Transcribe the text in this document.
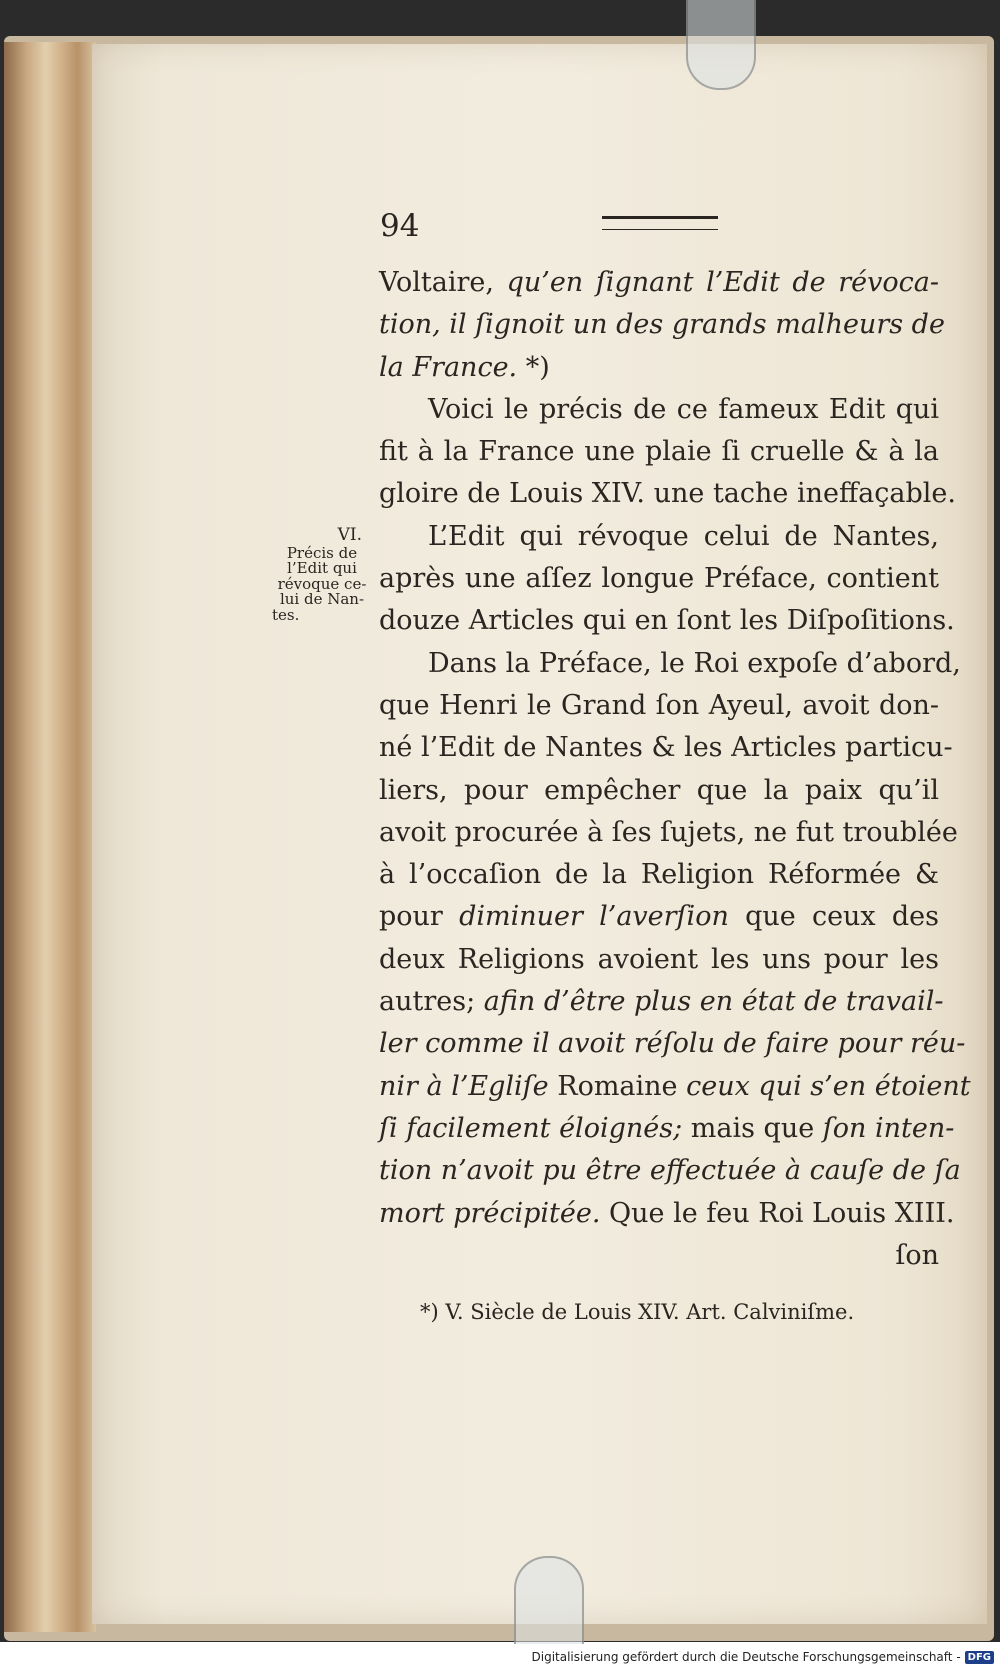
94
VI.
Précis de
l’Edit qui
révoque ce-
lui de Nan-
tes.
Voltaire, qu’en ſignant l’Edit de révoca-
tion, il ſignoit un des grands malheurs de
la France. *)
Voici le précis de ce fameux Edit qui
fit à la France une plaie ſi cruelle & à la
gloire de Louis XIV. une tache ineffaçable.
L’Edit qui révoque celui de Nantes,
après une aſſez longue Préface, contient
douze Articles qui en ſont les Diſpoſitions.
Dans la Préface, le Roi expoſe d’abord,
que Henri le Grand ſon Ayeul, avoit don-
né l’Edit de Nantes & les Articles particu-
liers, pour empêcher que la paix qu’il
avoit procurée à ſes ſujets, ne fut troublée
à l’occaſion de la Religion Réformée &
pour diminuer l’averſion que ceux des
deux Religions avoient les uns pour les
autres; afin d’être plus en état de travail-
ler comme il avoit réſolu de faire pour réu-
nir à l’Egliſe Romaine ceux qui s’en étoient
ſi facilement éloignés; mais que ſon inten-
tion n’avoit pu être effectuée à cauſe de ſa
mort précipitée. Que le feu Roi Louis XIII.
ſon
*) V. Siècle de Louis XIV. Art. Calviniſme.
Digitalisierung gefördert durch die Deutsche Forschungsgemeinschaft - DFG
